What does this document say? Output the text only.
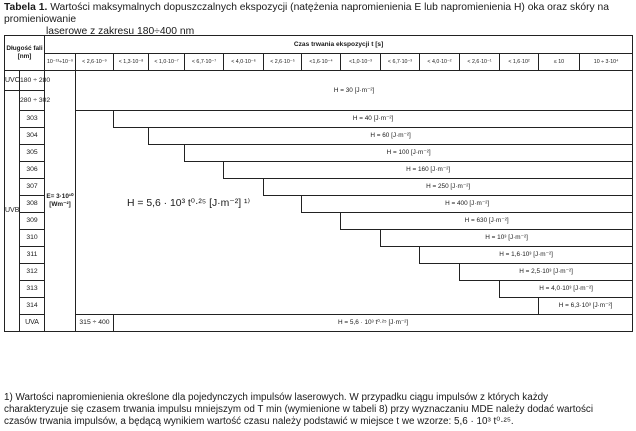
Tabela 1. Wartości maksymalnych dopuszczalnych ekspozycji (natężenia napromienienia E lub napromienienia H) oka oraz skóry na promieniowanie
laserowe z zakresu 180÷400 nm
Długość fali [nm]		Czas trwania ekspozycji t [s]															
		10⁻¹³÷10⁻⁹	< 2,6·10⁻⁹	< 1,3·10⁻⁸	< 1,0·10⁻⁷	< 6,7·10⁻⁷	< 4,0·10⁻⁶	< 2,6·10⁻⁵	<1,6·10⁻⁴	<1,0·10⁻³	< 6,7·10⁻³	< 4,0·10⁻²	< 2,6·10⁻¹	< 1,6·10²	≤ 10	10 ÷ 3·10⁴	
UVC	180 ÷ 280	E= 3·10¹⁰ [Wm⁻²]	H = 30 [J·m⁻²]														
UVB	280 ÷ 302																
	303			H = 40 [J·m⁻²]													
	304				H = 60 [J·m⁻²]												
	305					H = 100 [J·m⁻²]											
	306						H = 160 [J·m⁻²]										
	307							H = 250 [J·m⁻²]									
	308		H = 5,6 · 10³ t⁰·²⁵ [J·m⁻²] ¹⁾						H = 400 [J·m⁻²]								
	309									H = 630 [J·m⁻²]							
	310										H = 10³ [J·m⁻²]						
	311											H = 1,6·10³ [J·m⁻²]					
	312												H = 2,5·10³ [J·m⁻²]				
	313													H = 4,0·10³ [J·m⁻²]			
	314														H = 6,3·10³ [J·m⁻²]		
	UVA		315 ÷ 400	H = 5,6 · 10³ t⁰·²⁵ [J·m⁻²]	
1) Wartości napromienienia określone dla pojedynczych impulsów laserowych. W przypadku ciągu impulsów z których każdy
charakteryzuje się czasem trwania impulsu mniejszym od T min (wymienione w tabeli 8) przy wyznaczaniu MDE należy dodać wartości
czasów trwania impulsów, a będącą wynikiem wartość czasu należy podstawić w miejsce t we wzorze: 5,6 · 10³ t⁰·²⁵.
